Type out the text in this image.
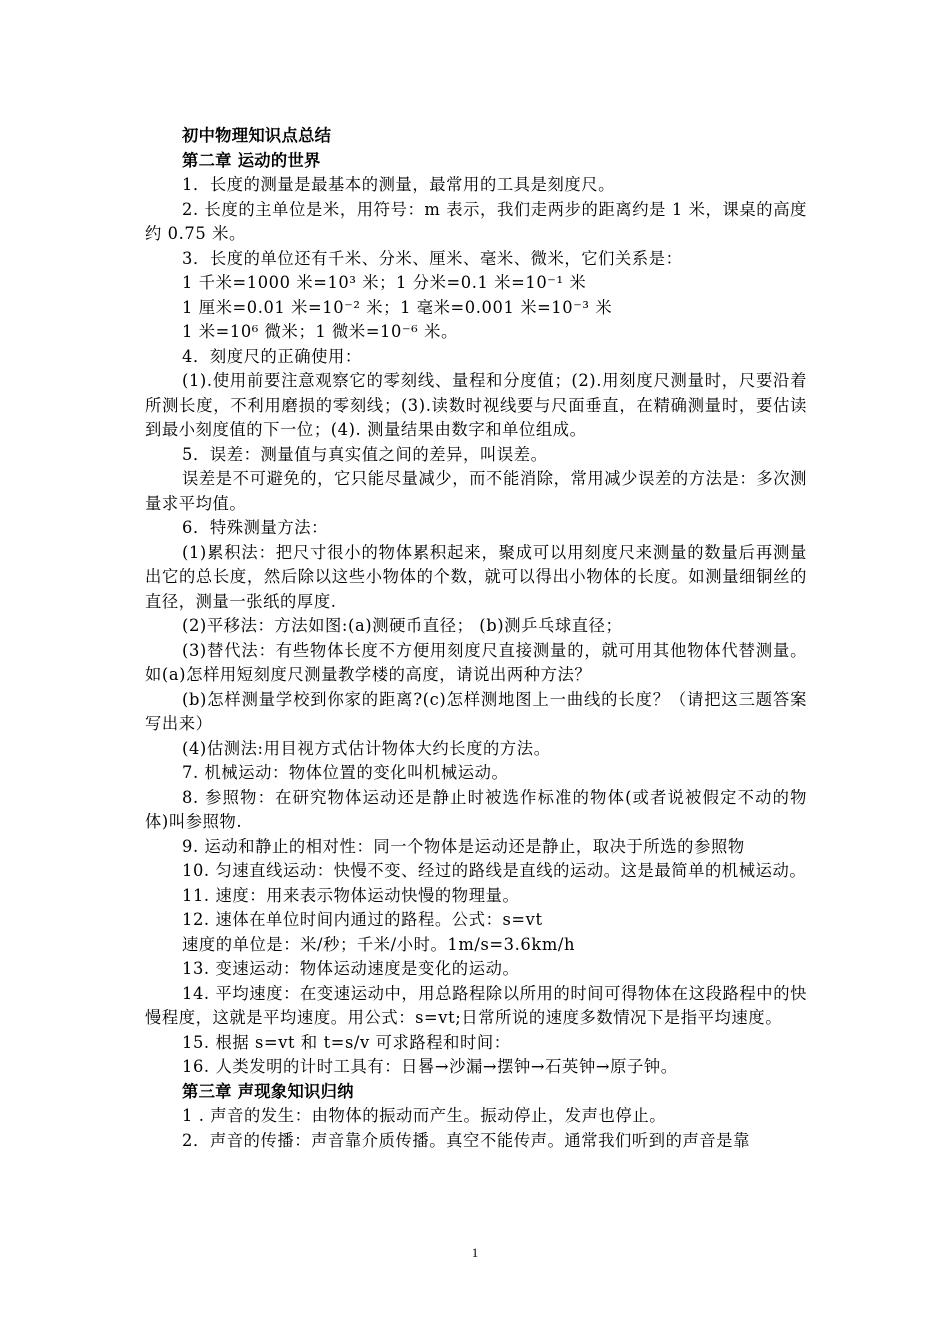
初中物理知识点总结

第二章 运动的世界

1．长度的测量是最基本的测量，最常用的工具是刻度尺。

2. 长度的主单位是米，用符号：m 表示，我们走两步的距离约是 1 米，课桌的高度约 0.75 米。

3．长度的单位还有千米、分米、厘米、毫米、微米，它们关系是：

1 千米=1000 米=10³ 米；1 分米=0.1 米=10⁻¹ 米

1 厘米=0.01 米=10⁻² 米；1 毫米=0.001 米=10⁻³ 米

1 米=10⁶ 微米；1 微米=10⁻⁶ 米。

4．刻度尺的正确使用：

(1).使用前要注意观察它的零刻线、量程和分度值；(2).用刻度尺测量时，尺要沿着所测长度，不利用磨损的零刻线；(3).读数时视线要与尺面垂直，在精确测量时，要估读到最小刻度值的下一位；(4). 测量结果由数字和单位组成。

5．误差：测量值与真实值之间的差异，叫误差。

误差是不可避免的，它只能尽量减少，而不能消除，常用减少误差的方法是：多次测量求平均值。

6．特殊测量方法：

(1)累积法：把尺寸很小的物体累积起来，聚成可以用刻度尺来测量的数量后再测量出它的总长度，然后除以这些小物体的个数，就可以得出小物体的长度。如测量细铜丝的直径，测量一张纸的厚度.

(2)平移法：方法如图:(a)测硬币直径； (b)测乒乓球直径；

(3)替代法：有些物体长度不方便用刻度尺直接测量的，就可用其他物体代替测量。如(a)怎样用短刻度尺测量教学楼的高度，请说出两种方法？

(b)怎样测量学校到你家的距离?(c)怎样测地图上一曲线的长度？（请把这三题答案写出来）

(4)估测法:用目视方式估计物体大约长度的方法。

7. 机械运动：物体位置的变化叫机械运动。

8. 参照物：在研究物体运动还是静止时被选作标准的物体(或者说被假定不动的物体)叫参照物.

9. 运动和静止的相对性：同一个物体是运动还是静止，取决于所选的参照物

10. 匀速直线运动：快慢不变、经过的路线是直线的运动。这是最简单的机械运动。

11. 速度：用来表示物体运动快慢的物理量。

12. 速体在单位时间内通过的路程。公式：s=vt

速度的单位是：米/秒；千米/小时。1m/s=3.6km/h

13. 变速运动：物体运动速度是变化的运动。

14. 平均速度：在变速运动中，用总路程除以所用的时间可得物体在这段路程中的快慢程度，这就是平均速度。用公式：s=vt;日常所说的速度多数情况下是指平均速度。

15. 根据 s=vt 和 t=s/v 可求路程和时间：

16. 人类发明的计时工具有：日晷→沙漏→摆钟→石英钟→原子钟。

第三章 声现象知识归纳

1 . 声音的发生：由物体的振动而产生。振动停止，发声也停止。

2．声音的传播：声音靠介质传播。真空不能传声。通常我们听到的声音是靠

1
